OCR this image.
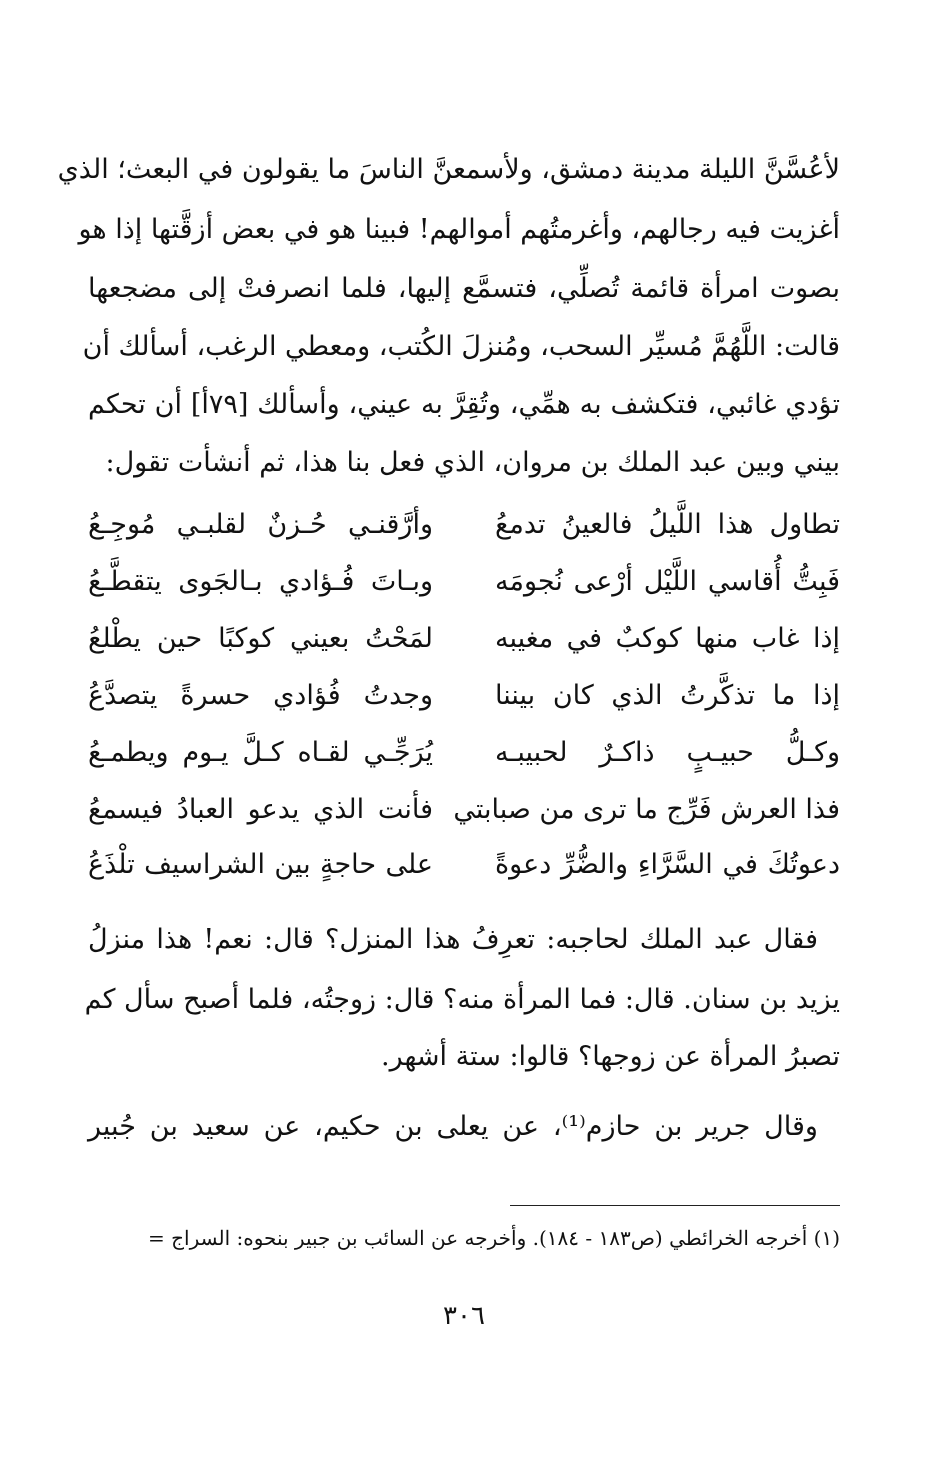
لأعُسَّنَّ الليلة مدينة دمشق، ولأسمعنَّ الناسَ ما يقولون في البعث؛ الذي
أغزيت فيه رجالهم، وأغرمتُهم أموالهم! فبينا هو في بعض أزقَّتها إذا هو
بصوت امرأة قائمة تُصلِّي، فتسمَّع إليها، فلما انصرفتْ إلى مضجعها
قالت: اللَّهُمَّ مُسيِّر السحب، ومُنزلَ الكُتب، ومعطي الرغب، أسألك أن
تؤدي غائبي، فتكشف به همِّي، وتُقِرَّ به عيني، وأسألك [٧٩أ] أن تحكم
بيني وبين عبد الملك بن مروان، الذي فعل بنا هذا، ثم أنشأت تقول:
تطاول هذا اللَّيلُ فالعينُ تدمعُ
وأرَّقنـي حُـزنٌ لقلبـي مُوجِـعُ
فَبِتُّ أُقاسي اللَّيْل أرْعى نُجومَه
وبـاتَ فُـؤادي بـالجَوى يتقطَّـعُ
إذا غاب منها كوكبٌ في مغيبه
لمَحْتُ بعيني كوكبًا حين يطْلعُ
إذا ما تذكَّرتُ الذي كان بيننا
وجدتُ فُؤادي حسرةً يتصدَّعُ
وكـلُّ حبيـبٍ ذاكـرٌ لحبيبـه
يُرَجِّـي لقـاه كـلَّ يـوم ويطمـعُ
فذا العرش فَرِّج ما ترى من صبابتي
فأنت الذي يدعو العبادُ فيسمعُ
دعوتُكَ في السَّرَّاءِ والضُّرِّ دعوةً
على حاجةٍ بين الشراسيف تلْذَعُ
فقال عبد الملك لحاجبه: تعرِفُ هذا المنزل؟ قال: نعم! هذا منزلُ
يزيد بن سنان. قال: فما المرأة منه؟ قال: زوجتُه، فلما أصبح سأل كم
تصبرُ المرأة عن زوجها؟ قالوا: ستة أشهر.
وقال جرير بن حازم⁽¹⁾، عن يعلى بن حكيم، عن سعيد بن جُبير
(١) أخرجه الخرائطي (ص١٨٣ - ١٨٤). وأخرجه عن السائب بن جبير بنحوه: السراج =
٣٠٦
